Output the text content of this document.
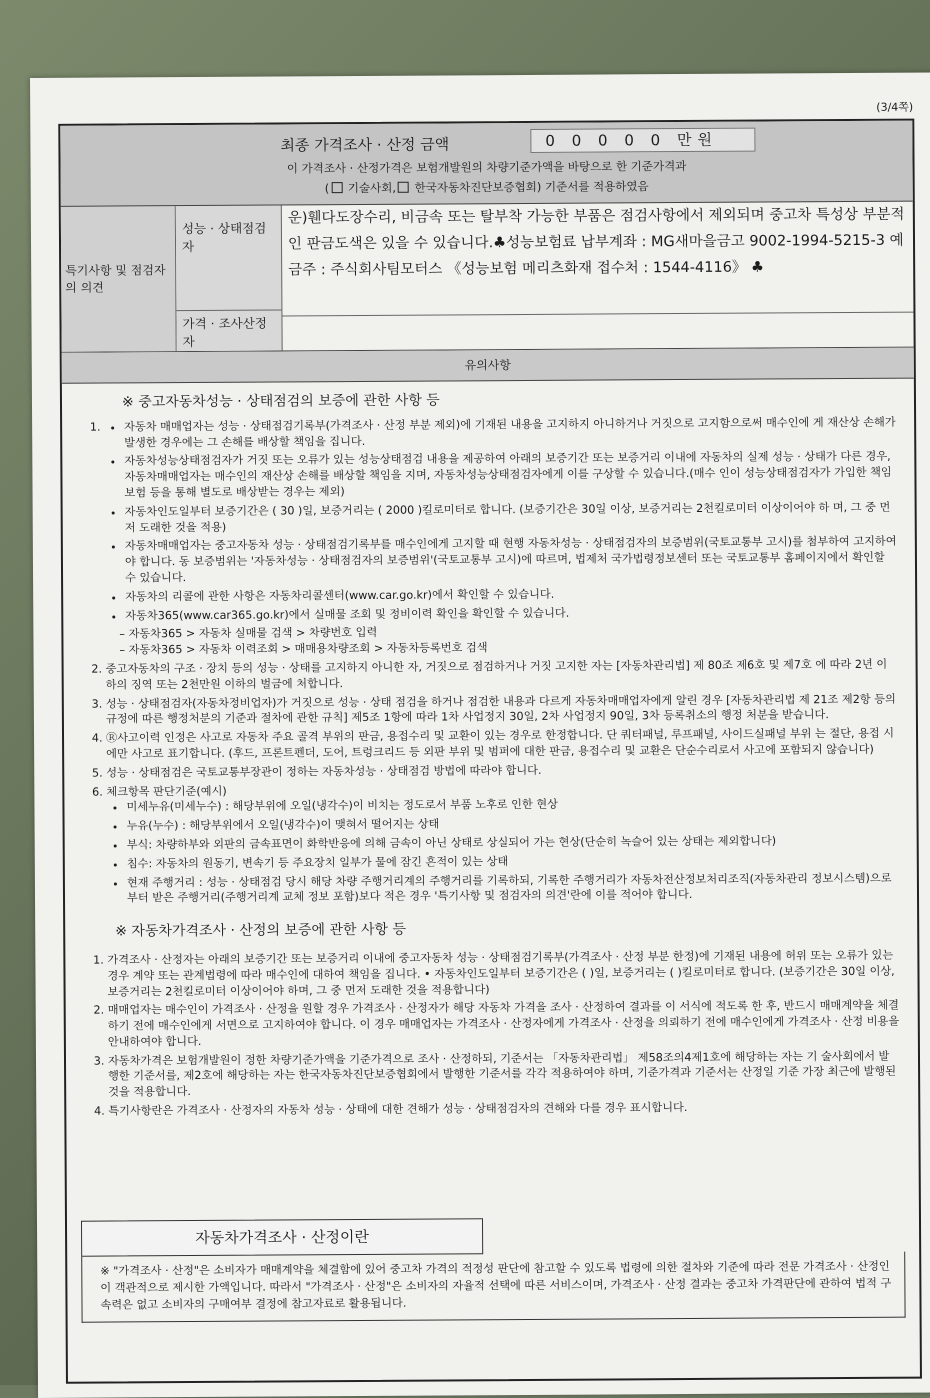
(3/4쪽)
최종 가격조사 · 산정 금액	0 0 0 0 0 만원
이 가격조사 · 산정가격은 보험개발원의 차량기준가액을 바탕으로 한 기준가격과
( 기술사회, 한국자동차진단보증협회) 기준서를 적용하였음
특기사항 및 점검자의 의견
성능 · 상태점검자
가격 · 조사산정자
운)휀다도장수리, 비금속 또는 탈부착 가능한 부품은 점검사항에서 제외되며 중고차 특성상 부분적인 판금도색은 있을 수 있습니다.♣성능보험료 납부계좌 : MG새마을금고 9002-1994-5215-3 예금주 : 주식회사팀모터스 《성능보험 메리츠화재 접수처 : 1544-4116》 ♣
유의사항
※ 중고자동차성능 · 상태점검의 보증에 관한 사항 등
• 1. 자동차 매매업자는 성능 · 상태점검기록부(가격조사 · 산정 부분 제외)에 기재된 내용을 고지하지 아니하거나 거짓으로 고지함으로써 매수인에 게 재산상 손해가 발생한 경우에는 그 손해를 배상할 책임을 집니다.
• 자동차성능상태점검자가 거짓 또는 오류가 있는 성능상태점검 내용을 제공하여 아래의 보증기간 또는 보증거리 이내에 자동차의 실제 성능 · 상태가 다른 경우, 자동차매매업자는 매수인의 재산상 손해를 배상할 책임을 지며, 자동차성능상태점검자에게 이를 구상할 수 있습니다.(매수 인이 성능상태점검자가 가입한 책임보험 등을 통해 별도로 배상받는 경우는 제외)
• 자동차인도일부터 보증기간은 ( 30 )일, 보증거리는 ( 2000 )킬로미터로 합니다. (보증기간은 30일 이상, 보증거리는 2천킬로미터 이상이어야 하 며, 그 중 먼저 도래한 것을 적용)
• 자동차매매업자는 중고자동차 성능 · 상태점검기록부를 매수인에게 고지할 때 현행 자동차성능 · 상태점검자의 보증범위(국토교통부 고시)를 첨부하여 고지하여야 합니다. 동 보증범위는 '자동차성능 · 상태점검자의 보증범위'(국토교통부 고시)에 따르며, 법제처 국가법령정보센터 또는 국토교통부 홈페이지에서 확인할 수 있습니다.
• 자동차의 리콜에 관한 사항은 자동차리콜센터(www.car.go.kr)에서 확인할 수 있습니다.
• 자동차365(www.car365.go.kr)에서 실매물 조회 및 정비이력 확인을 확인할 수 있습니다.
– 자동차365 > 자동차 실매물 검색 > 차량번호 입력
– 자동차365 > 자동차 이력조회 > 매매용차량조회 > 자동차등록번호 검색
2. 중고자동차의 구조 · 장치 등의 성능 · 상태를 고지하지 아니한 자, 거짓으로 점검하거나 거짓 고지한 자는 [자동차관리법] 제 80조 제6호 및 제7호 에 따라 2년 이하의 징역 또는 2천만원 이하의 벌금에 처합니다.
3. 성능 · 상태점검자(자동차정비업자)가 거짓으로 성능 · 상태 점검을 하거나 점검한 내용과 다르게 자동차매매업자에게 알린 경우 [자동차관리법 제 21조 제2항 등의 규정에 따른 행정처분의 기준과 절차에 관한 규칙] 제5조 1항에 따라 1차 사업정지 30일, 2차 사업정지 90일, 3차 등록취소의 행정 처분을 받습니다.
4. Ⓡ사고이력 인정은 사고로 자동차 주요 골격 부위의 판금, 용접수리 및 교환이 있는 경우로 한정합니다. 단 쿼터패널, 루프패널, 사이드실패널 부위 는 절단, 용접 시에만 사고로 표기합니다. (후드, 프론트펜더, 도어, 트렁크리드 등 외판 부위 및 범퍼에 대한 판금, 용접수리 및 교환은 단순수리로서 사고에 포함되지 않습니다)
5. 성능 · 상태점검은 국토교통부장관이 정하는 자동차성능 · 상태점검 방법에 따라야 합니다.
6. 체크항목 판단기준(예시)
• 미세누유(미세누수) : 해당부위에 오일(냉각수)이 비치는 정도로서 부품 노후로 인한 현상
• 누유(누수) : 해당부위에서 오일(냉각수)이 맺혀서 떨어지는 상태
• 부식: 차량하부와 외판의 금속표면이 화학반응에 의해 금속이 아닌 상태로 상실되어 가는 현상(단순히 녹슬어 있는 상태는 제외합니다)
• 침수: 자동차의 원동기, 변속기 등 주요장치 일부가 물에 잠긴 흔적이 있는 상태
• 현재 주행거리 : 성능 · 상태점검 당시 해당 차량 주행거리계의 주행거리를 기록하되, 기록한 주행거리가 자동차전산정보처리조직(자동차관리 정보시스템)으로부터 받은 주행거리(주행거리계 교체 정보 포함)보다 적은 경우 '특기사항 및 점검자의 의견'란에 이를 적어야 합니다.
※ 자동차가격조사 · 산정의 보증에 관한 사항 등
1. 가격조사 · 산정자는 아래의 보증기간 또는 보증거리 이내에 중고자동차 성능 · 상태점검기록부(가격조사 · 산정 부분 한정)에 기재된 내용에 허위 또는 오류가 있는 경우 계약 또는 관계법령에 따라 매수인에 대하여 책임을 집니다. • 자동차인도일부터 보증기간은 ( )일, 보증거리는 ( )킬로미터로 합니다. (보증기간은 30일 이상, 보증거리는 2천킬로미터 이상이어야 하며, 그 중 먼저 도래한 것을 적용합니다)
2. 매매업자는 매수인이 가격조사 · 산정을 원할 경우 가격조사 · 산정자가 해당 자동차 가격을 조사 · 산정하여 결과를 이 서식에 적도록 한 후, 반드시 매매계약을 체결하기 전에 매수인에게 서면으로 고지하여야 합니다. 이 경우 매매업자는 가격조사 · 산정자에게 가격조사 · 산정을 의뢰하기 전에 매수인에게 가격조사 · 산정 비용을 안내하여야 합니다.
3. 자동차가격은 보험개발원이 정한 차량기준가액을 기준가격으로 조사 · 산정하되, 기준서는 「자동차관리법」 제58조의4제1호에 해당하는 자는 기 술사회에서 발행한 기준서를, 제2호에 해당하는 자는 한국자동차진단보증협회에서 발행한 기준서를 각각 적용하여야 하며, 기준가격과 기준서는 산정일 기준 가장 최근에 발행된 것을 적용합니다.
4. 특기사항란은 가격조사 · 산정자의 자동차 성능 · 상태에 대한 견해가 성능 · 상태점검자의 견해와 다를 경우 표시합니다.
자동차가격조사 · 산정이란
※ "가격조사 · 산정"은 소비자가 매매계약을 체결함에 있어 중고차 가격의 적정성 판단에 참고할 수 있도록 법령에 의한 절차와 기준에 따라 전문 가격조사 · 산정인이 객관적으로 제시한 가액입니다. 따라서 "가격조사 · 산정"은 소비자의 자율적 선택에 따른 서비스이며, 가격조사 · 산정 결과는 중고차 가격판단에 관하여 법적 구속력은 없고 소비자의 구매여부 결정에 참고자료로 활용됩니다.
